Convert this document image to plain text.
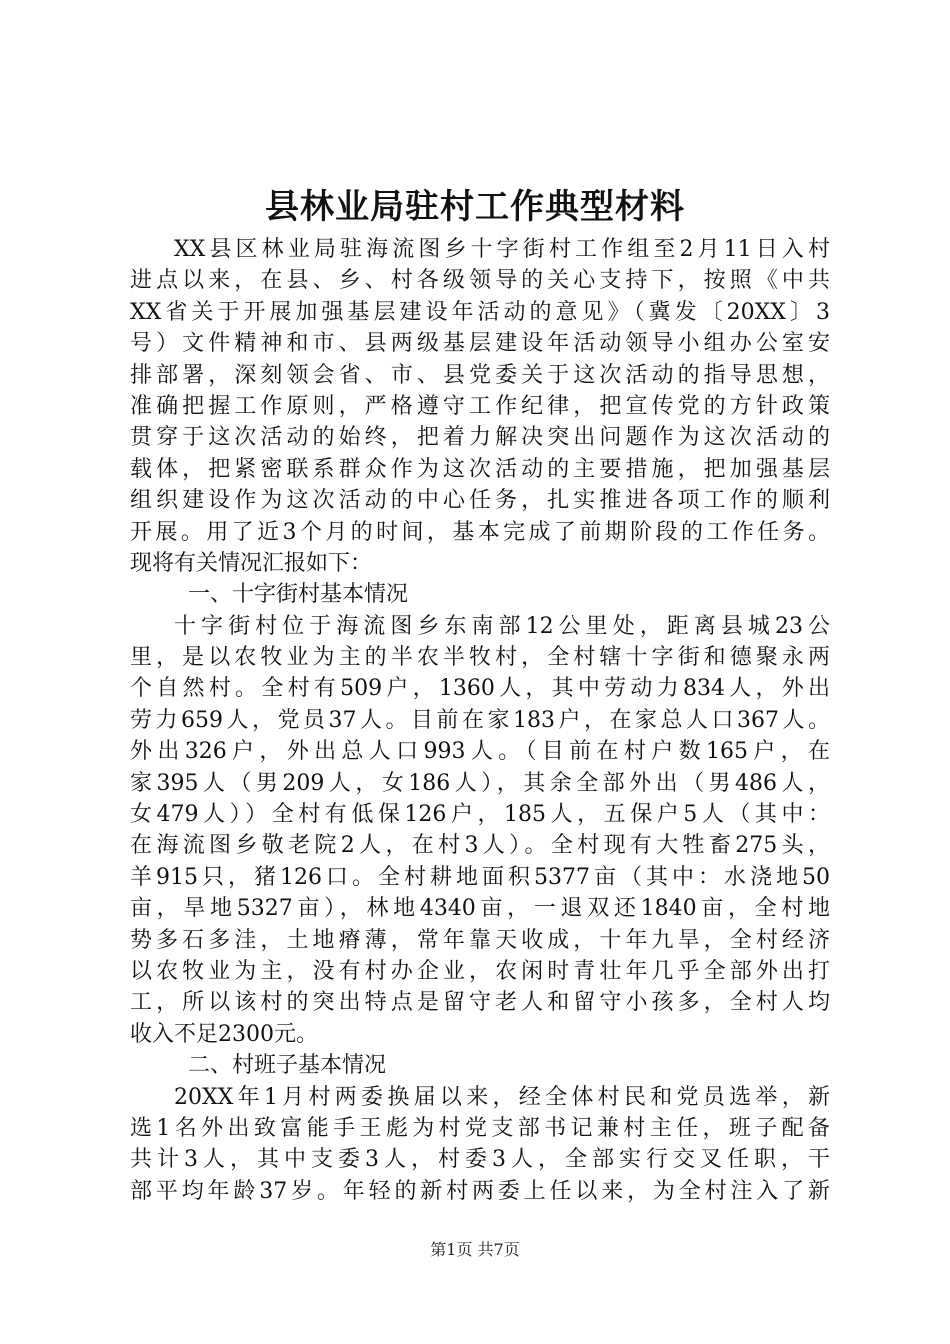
县林业局驻村工作典型材料
XX县区林业局驻海流图乡十字街村工作组至2月11日入村
进点以来，在县、乡、村各级领导的关心支持下，按照《中共
XX省关于开展加强基层建设年活动的意见》（冀发〔20XX〕3
号）文件精神和市、县两级基层建设年活动领导小组办公室安
排部署，深刻领会省、市、县党委关于这次活动的指导思想，
准确把握工作原则，严格遵守工作纪律，把宣传党的方针政策
贯穿于这次活动的始终，把着力解决突出问题作为这次活动的
载体，把紧密联系群众作为这次活动的主要措施，把加强基层
组织建设作为这次活动的中心任务，扎实推进各项工作的顺利
开展。用了近3个月的时间，基本完成了前期阶段的工作任务。
现将有关情况汇报如下：
一、十字街村基本情况
十字街村位于海流图乡东南部12公里处，距离县城23公
里，是以农牧业为主的半农半牧村，全村辖十字街和德聚永两
个自然村。全村有509户，1360人，其中劳动力834人，外出
劳力659人，党员37人。目前在家183户，在家总人口367人。
外出326户，外出总人口993人。（目前在村户数165户，在
家395人（男209人，女186人），其余全部外出（男486人，
女479人））全村有低保126户，185人，五保户5人（其中：
在海流图乡敬老院2人，在村3人）。全村现有大牲畜275头，
羊915只，猪126口。全村耕地面积5377亩（其中：水浇地50
亩，旱地5327亩），林地4340亩，一退双还1840亩，全村地
势多石多洼，土地瘠薄，常年靠天收成，十年九旱，全村经济
以农牧业为主，没有村办企业，农闲时青壮年几乎全部外出打
工，所以该村的突出特点是留守老人和留守小孩多，全村人均
收入不足2300元。
二、村班子基本情况
20XX年1月村两委换届以来，经全体村民和党员选举，新
选1名外出致富能手王彪为村党支部书记兼村主任，班子配备
共计3人，其中支委3人，村委3人，全部实行交叉任职，干
部平均年龄37岁。年轻的新村两委上任以来，为全村注入了新
第1页 共7页
